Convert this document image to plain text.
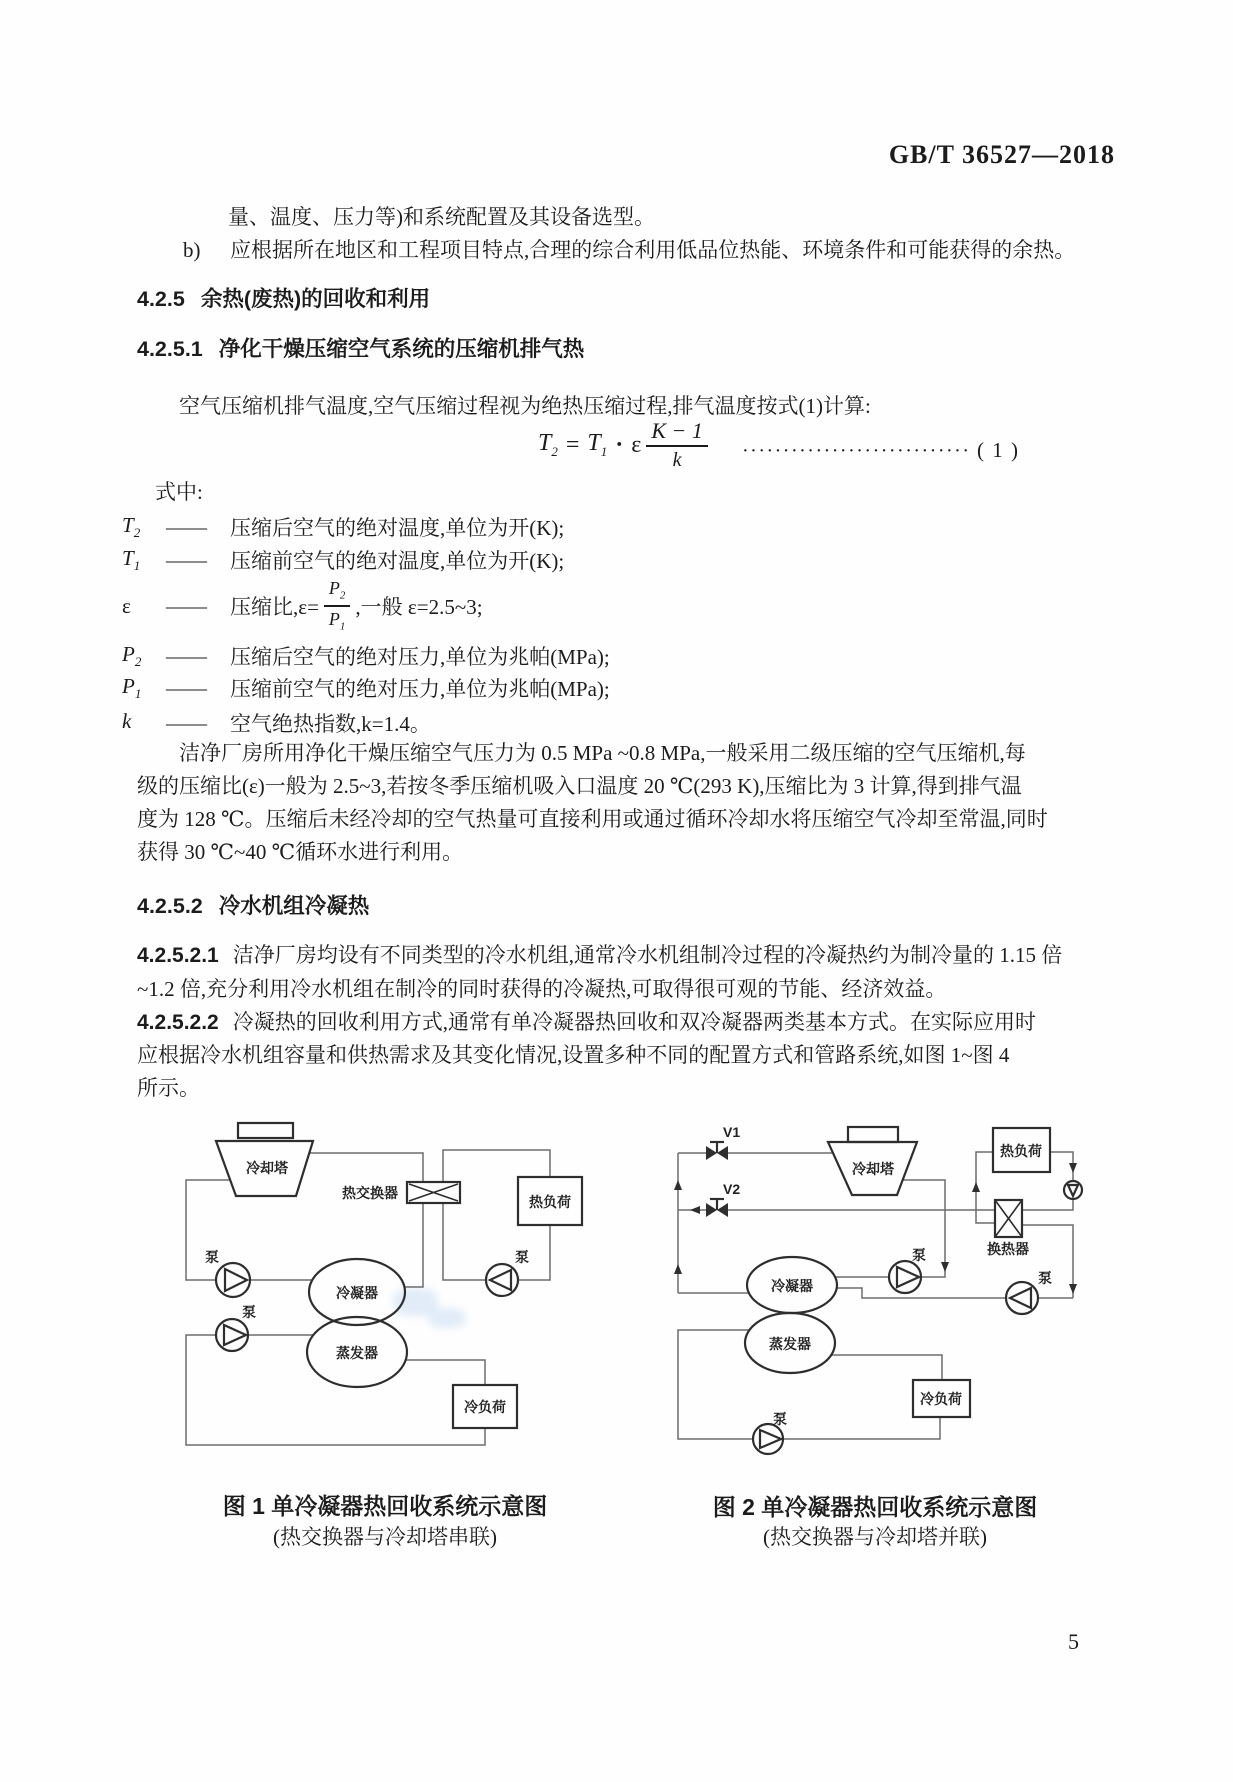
GB/T 36527—2018
量、温度、压力等)和系统配置及其设备选型。
b) 应根据所在地区和工程项目特点,合理的综合利用低品位热能、环境条件和可能获得的余热。
4.2.5 余热(废热)的回收和利用
4.2.5.1 净化干燥压缩空气系统的压缩机排气热
空气压缩机排气温度,空气压缩过程视为绝热压缩过程,排气温度按式(1)计算:
$T_2 = T_1 \cdot \varepsilon \frac{K - 1}{k}$ ···························· ( 1 )
式中:
$T_2$	——	压缩后空气的绝对温度,单位为开(K);
$T_1$	——	压缩前空气的绝对温度,单位为开(K);
ε	——	压缩比$,\varepsilon= \frac{P_2}{P_1}$ ,一般 ε=2.5~3;
$P_2$	——	压缩后空气的绝对压力,单位为兆帕(MPa);
$P_1$	——	压缩前空气的绝对压力,单位为兆帕(MPa);
k	——	空气绝热指数,k=1.4。
洁净厂房所用净化干燥压缩空气压力为 0.5 MPa ~0.8 MPa,一般采用二级压缩的空气压缩机,每
级的压缩比(ε)一般为 2.5~3,若按冬季压缩机吸入口温度 20 ℃(293 K),压缩比为 3 计算,得到排气温
度为 128 ℃。压缩后未经冷却的空气热量可直接利用或通过循环冷却水将压缩空气冷却至常温,同时
获得 30 ℃~40 ℃循环水进行利用。
4.2.5.2 冷水机组冷凝热
4.2.5.2.1 洁净厂房均设有不同类型的冷水机组,通常冷水机组制冷过程的冷凝热约为制冷量的 1.15 倍
~1.2 倍,充分利用冷水机组在制冷的同时获得的冷凝热,可取得很可观的节能、经济效益。
4.2.5.2.2 冷凝热的回收利用方式,通常有单冷凝器热回收和双冷凝器两类基本方式。在实际应用时
应根据冷水机组容量和供热需求及其变化情况,设置多种不同的配置方式和管路系统,如图 1~图 4
所示。
冷却塔
热交换器
热负荷
冷凝器
蒸发器
冷负荷
泵
泵
泵
V1
V2
冷却塔
热负荷
换热器
冷凝器
蒸发器
泵
泵
冷负荷
泵
图 1 单冷凝器热回收系统示意图
(热交换器与冷却塔串联)
图 2 单冷凝器热回收系统示意图
(热交换器与冷却塔并联)
5
